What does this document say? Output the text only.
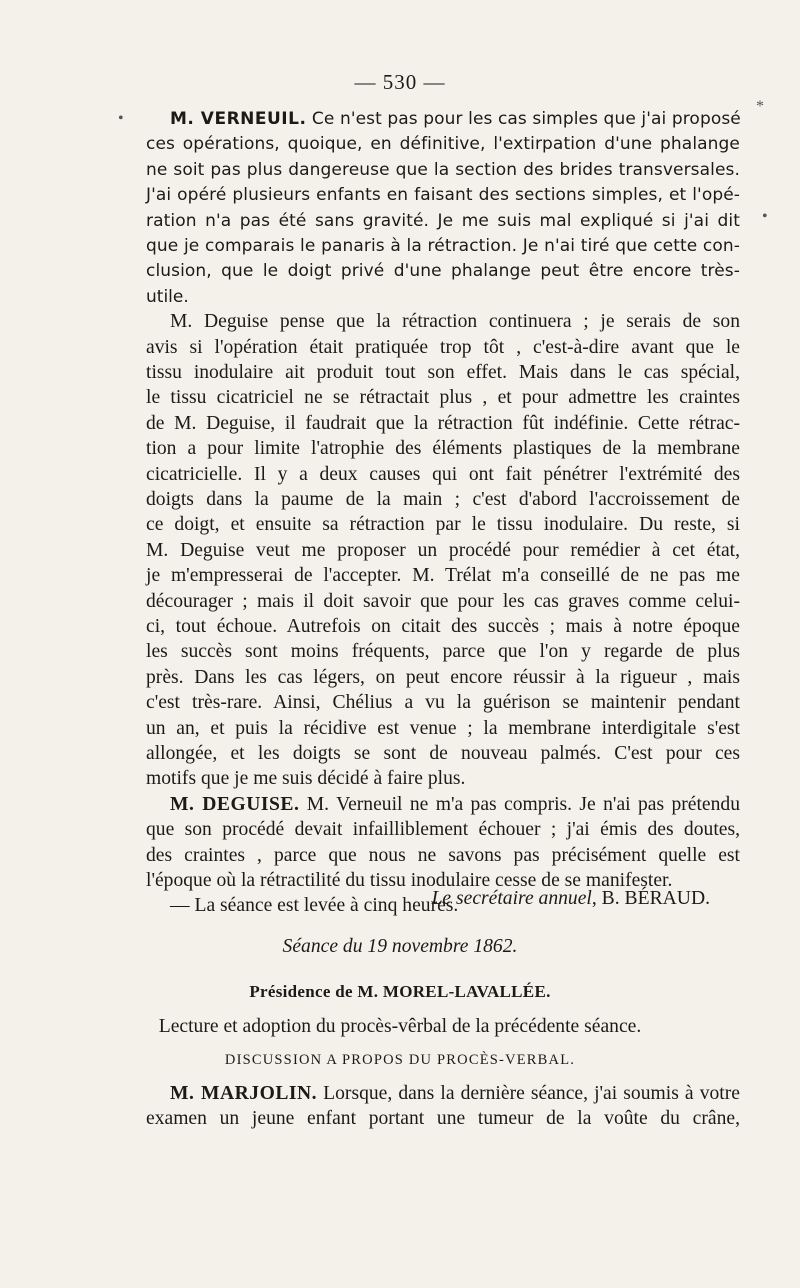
— 530 —
•
*
•
M. VERNEUIL. Ce n'est pas pour les cas simples que j'ai proposé
ces opérations, quoique, en définitive, l'extirpation d'une phalange
ne soit pas plus dangereuse que la section des brides transversales.
J'ai opéré plusieurs enfants en faisant des sections simples, et l'opé-
ration n'a pas été sans gravité. Je me suis mal expliqué si j'ai dit
que je comparais le panaris à la rétraction. Je n'ai tiré que cette con-
clusion, que le doigt privé d'une phalange peut être encore très-
utile.
M. Deguise pense que la rétraction continuera ; je serais de son
avis si l'opération était pratiquée trop tôt , c'est-à-dire avant que le
tissu inodulaire ait produit tout son effet. Mais dans le cas spécial,
le tissu cicatriciel ne se rétractait plus , et pour admettre les craintes
de M. Deguise, il faudrait que la rétraction fût indéfinie. Cette rétrac-
tion a pour limite l'atrophie des éléments plastiques de la membrane
cicatricielle. Il y a deux causes qui ont fait pénétrer l'extrémité des
doigts dans la paume de la main ; c'est d'abord l'accroissement de
ce doigt, et ensuite sa rétraction par le tissu inodulaire. Du reste, si
M. Deguise veut me proposer un procédé pour remédier à cet état,
je m'empresserai de l'accepter. M. Trélat m'a conseillé de ne pas me
décourager ; mais il doit savoir que pour les cas graves comme celui-
ci, tout échoue. Autrefois on citait des succès ; mais à notre époque
les succès sont moins fréquents, parce que l'on y regarde de plus
près. Dans les cas légers, on peut encore réussir à la rigueur , mais
c'est très-rare. Ainsi, Chélius a vu la guérison se maintenir pendant
un an, et puis la récidive est venue ; la membrane interdigitale s'est
allongée, et les doigts se sont de nouveau palmés. C'est pour ces
motifs que je me suis décidé à faire plus.
M. DEGUISE. M. Verneuil ne m'a pas compris. Je n'ai pas prétendu
que son procédé devait infailliblement échouer ; j'ai émis des doutes,
des craintes , parce que nous ne savons pas précisément quelle est
l'époque où la rétractilité du tissu inodulaire cesse de se manifester.
— La séance est levée à cinq heures.
Le secrétaire annuel, B. BÉRAUD.
Séance du 19 novembre 1862.
Présidence de M. MOREL-LAVALLÉE.
Lecture et adoption du procès-vêrbal de la précédente séance.
DISCUSSION A PROPOS DU PROCÈS-VERBAL.
M. MARJOLIN. Lorsque, dans la dernière séance, j'ai soumis à votre
examen un jeune enfant portant une tumeur de la voûte du crâne,
